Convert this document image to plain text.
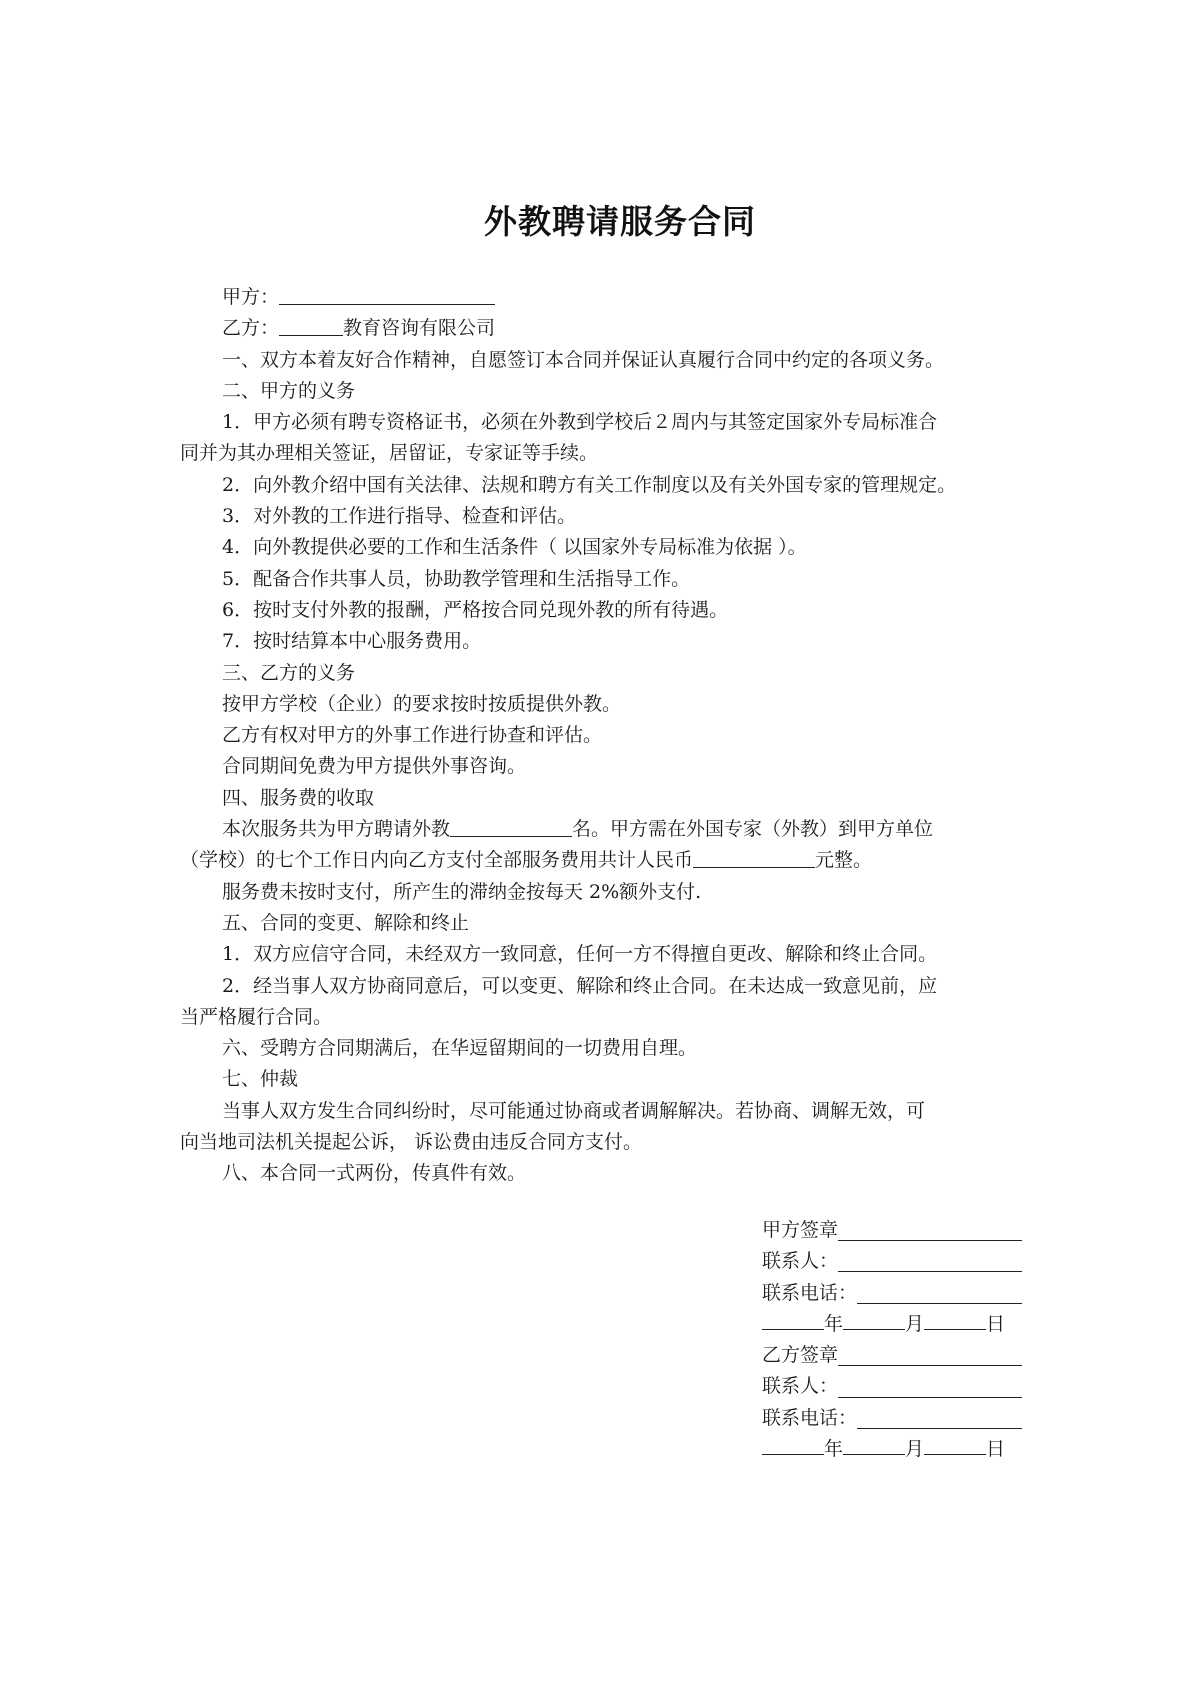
外教聘请服务合同
甲方：
乙方：	教育咨询有限公司
一、双方本着友好合作精神，自愿签订本合同并保证认真履行合同中约定的各项义务。
二、甲方的义务
1．甲方必须有聘专资格证书，必须在外教到学校后２周内与其签定国家外专局标准合
同并为其办理相关签证，居留证，专家证等手续。
2．向外教介绍中国有关法律、法规和聘方有关工作制度以及有关外国专家的管理规定。
3．对外教的工作进行指导、检查和评估。
4．向外教提供必要的工作和生活条件（ 以国家外专局标准为依据 ）。
5．配备合作共事人员，协助教学管理和生活指导工作。
6．按时支付外教的报酬，严格按合同兑现外教的所有待遇。
7．按时结算本中心服务费用。
三、乙方的义务
按甲方学校（企业）的要求按时按质提供外教。
乙方有权对甲方的外事工作进行协查和评估。
合同期间免费为甲方提供外事咨询。
四、服务费的收取
本次服务共为甲方聘请外教	名。甲方需在外国专家（外教）到甲方单位
（学校）的七个工作日内向乙方支付全部服务费用共计人民币	元整。
服务费未按时支付，所产生的滞纳金按每天 2%额外支付.
五、合同的变更、解除和终止
1．双方应信守合同，未经双方一致同意，任何一方不得擅自更改、解除和终止合同。
2．经当事人双方协商同意后，可以变更、解除和终止合同。在未达成一致意见前，应
当严格履行合同。
六、受聘方合同期满后，在华逗留期间的一切费用自理。
七、仲裁
当事人双方发生合同纠纷时，尽可能通过协商或者调解解决。若协商、调解无效，可
向当地司法机关提起公诉， 诉讼费由违反合同方支付。
八、本合同一式两份，传真件有效。
甲方签章
联系人：
联系电话：
年	月	日
乙方签章
联系人：
联系电话：
年	月	日
